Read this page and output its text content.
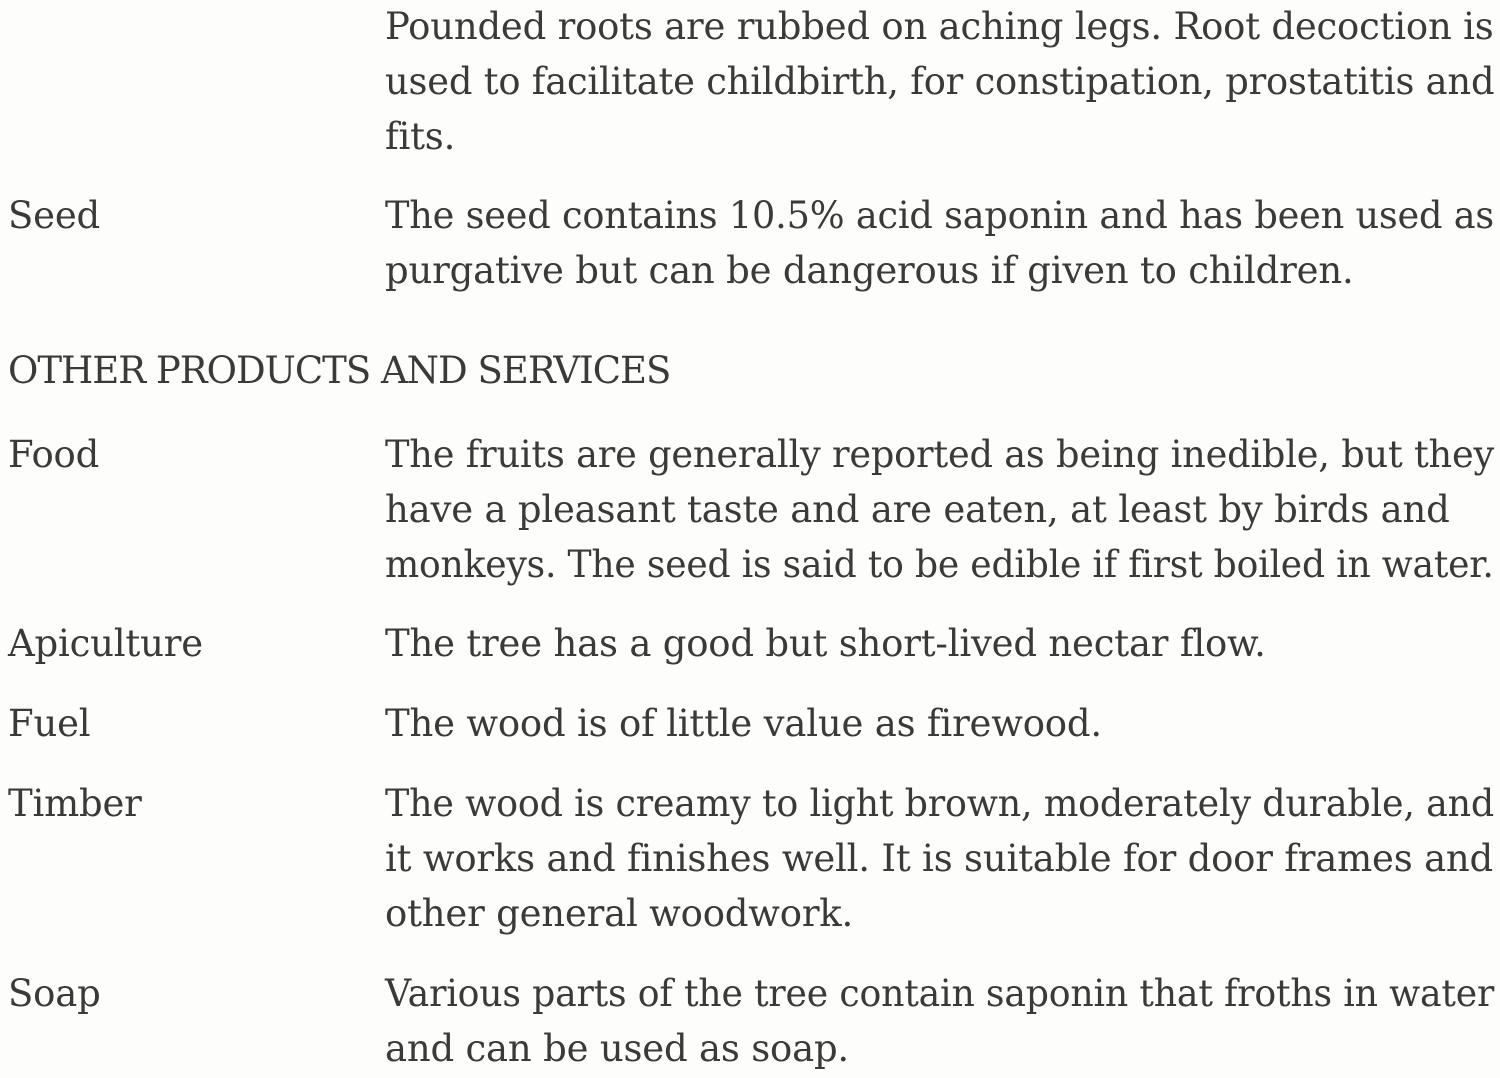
Pounded roots are rubbed on aching legs. Root decoction is
used to facilitate childbirth, for constipation, prostatitis and
fits.
Seed	The seed contains 10.5% acid saponin and has been used as
purgative but can be dangerous if given to children.
OTHER PRODUCTS AND SERVICES
Food	The fruits are generally reported as being inedible, but they
have a pleasant taste and are eaten, at least by birds and
monkeys. The seed is said to be edible if first boiled in water.
Apiculture	The tree has a good but short-lived nectar flow.
Fuel	The wood is of little value as firewood.
Timber	The wood is creamy to light brown, moderately durable, and
it works and finishes well. It is suitable for door frames and
other general woodwork.
Soap	Various parts of the tree contain saponin that froths in water
and can be used as soap.
